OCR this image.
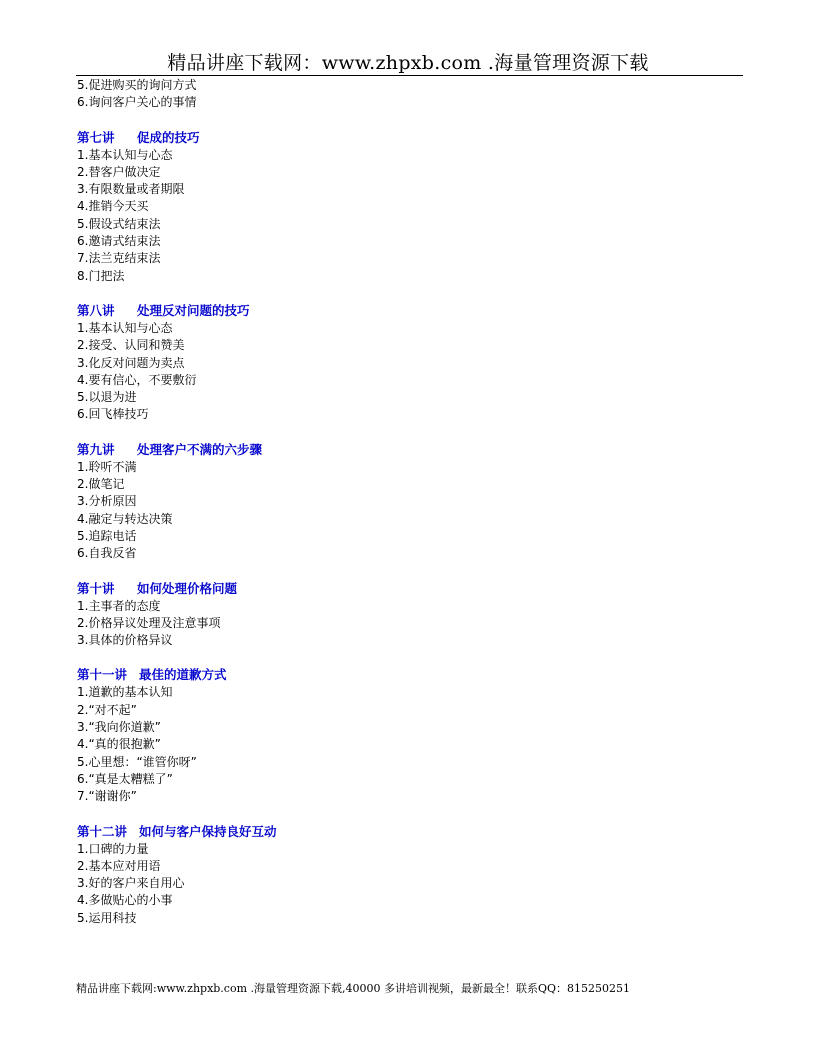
精品讲座下载网：www.zhpxb.com .海量管理资源下载
5.促进购买的询问方式
6.询问客户关心的事情
第七讲 促成的技巧
1.基本认知与心态
2.替客户做决定
3.有限数量或者期限
4.推销今天买
5.假设式结束法
6.邀请式结束法
7.法兰克结束法
8.门把法
第八讲 处理反对问题的技巧
1.基本认知与心态
2.接受、认同和赞美
3.化反对问题为卖点
4.要有信心，不要敷衍
5.以退为进
6.回飞棒技巧
第九讲 处理客户不满的六步骤
1.聆听不满
2.做笔记
3.分析原因
4.融定与转达决策
5.追踪电话
6.自我反省
第十讲 如何处理价格问题
1.主事者的态度
2.价格异议处理及注意事项
3.具体的价格异议
第十一讲 最佳的道歉方式
1.道歉的基本认知
2.“对不起”
3.“我向你道歉”
4.“真的很抱歉”
5.心里想：“谁管你呀”
6.“真是太糟糕了”
7.“谢谢你”
第十二讲 如何与客户保持良好互动
1.口碑的力量
2.基本应对用语
3.好的客户来自用心
4.多做贴心的小事
5.运用科技
精品讲座下载网:www.zhpxb.com .海量管理资源下载,40000 多讲培训视频，最新最全！联系QQ：815250251
